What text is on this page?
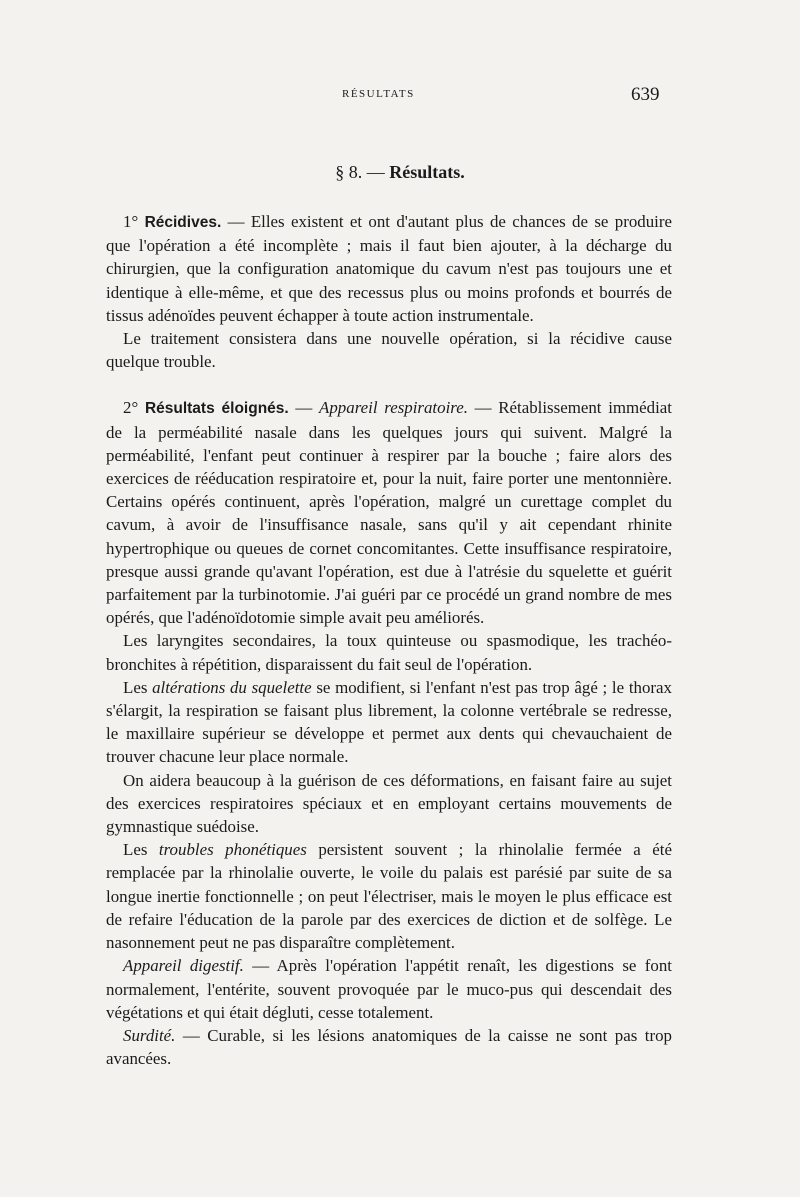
RÉSULTATS	639
§ 8. — Résultats.

1° Récidives. — Elles existent et ont d'autant plus de chances de se produire que l'opération a été incomplète ; mais il faut bien ajouter, à la décharge du chirurgien, que la configuration anatomique du cavum n'est pas toujours une et identique à elle-même, et que des recessus plus ou moins profonds et bourrés de tissus adénoïdes peuvent échapper à toute action instrumentale.

Le traitement consistera dans une nouvelle opération, si la récidive cause quelque trouble.

2° Résultats éloignés. — Appareil respiratoire. — Rétablissement immédiat de la perméabilité nasale dans les quelques jours qui suivent. Malgré la perméabilité, l'enfant peut continuer à respirer par la bouche ; faire alors des exercices de rééducation respiratoire et, pour la nuit, faire porter une mentonnière. Certains opérés continuent, après l'opération, malgré un curettage complet du cavum, à avoir de l'insuffisance nasale, sans qu'il y ait cependant rhinite hypertrophique ou queues de cornet concomitantes. Cette insuffisance respiratoire, presque aussi grande qu'avant l'opération, est due à l'atrésie du squelette et guérit parfaitement par la turbinotomie. J'ai guéri par ce procédé un grand nombre de mes opérés, que l'adénoïdotomie simple avait peu améliorés.

Les laryngites secondaires, la toux quinteuse ou spasmodique, les trachéo-bronchites à répétition, disparaissent du fait seul de l'opération.

Les altérations du squelette se modifient, si l'enfant n'est pas trop âgé ; le thorax s'élargit, la respiration se faisant plus librement, la colonne vertébrale se redresse, le maxillaire supérieur se développe et permet aux dents qui chevauchaient de trouver chacune leur place normale.

On aidera beaucoup à la guérison de ces déformations, en faisant faire au sujet des exercices respiratoires spéciaux et en employant certains mouvements de gymnastique suédoise.

Les troubles phonétiques persistent souvent ; la rhinolalie fermée a été remplacée par la rhinolalie ouverte, le voile du palais est parésié par suite de sa longue inertie fonctionnelle ; on peut l'électriser, mais le moyen le plus efficace est de refaire l'éducation de la parole par des exercices de diction et de solfège. Le nasonnement peut ne pas disparaître complètement.

Appareil digestif. — Après l'opération l'appétit renaît, les digestions se font normalement, l'entérite, souvent provoquée par le muco-pus qui descendait des végétations et qui était dégluti, cesse totalement.

Surdité. — Curable, si les lésions anatomiques de la caisse ne sont pas trop avancées.
